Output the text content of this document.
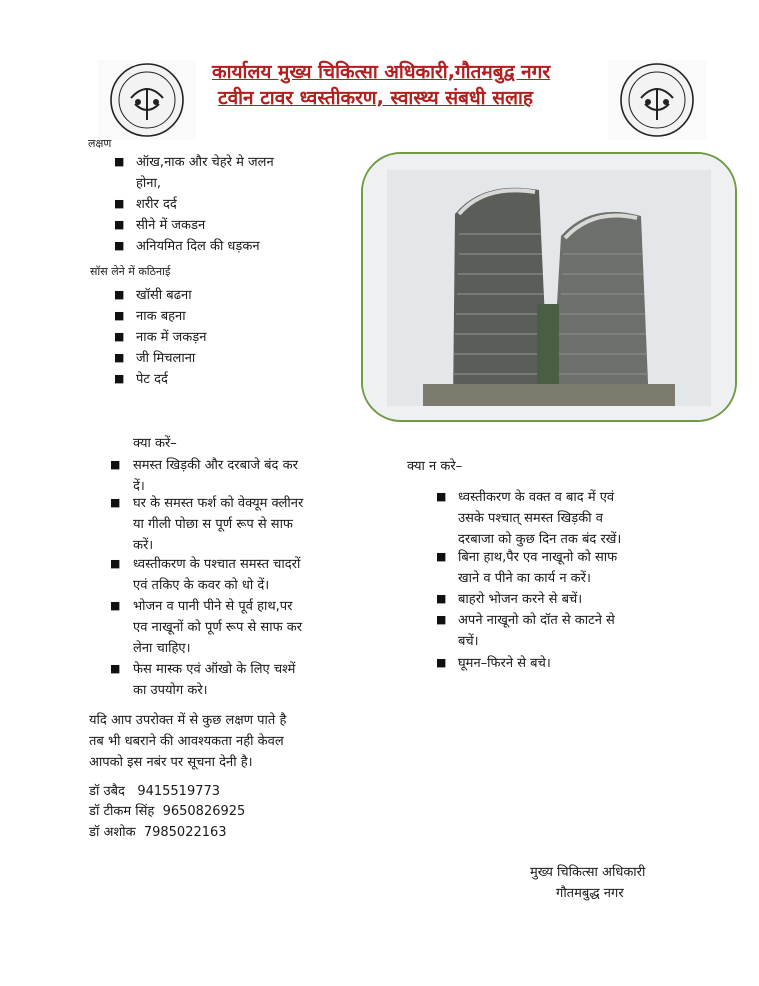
कार्यालय मुख्य चिकित्सा अधिकारी,गौतमबुद्व नगर
टवीन टावर ध्वस्तीकरण, स्वास्थ्य संबधी सलाह
लक्षण
■ ऑख,नाक और चेहरे मे जलन
होना,
■ शरीर दर्द
■ सीने में जकडन
■ अनियमित दिल की धड़कन
सॉस लेने में कठिनाई
■ खॉसी बढना
■ नाक बहना
■ नाक में जकड़न
■ जी मिचलाना
■ पेट दर्द
क्या करें–
■ समस्त खिड़की और दरबाजे बंद कर
दें।
■ घर के समस्त फर्श को वेक्यूम क्लीनर
या गीली पोछा स पूर्ण रूप से साफ
करें।
■ ध्वस्तीकरण के पश्चात समस्त चादरों
एवं तकिए के कवर को धो दें।
■ भोजन व पानी पीने से पूर्व हाथ,पर
एव नाखूनों को पूर्ण रूप से साफ कर
लेना चाहिए।
■ फेस मास्क एवं ऑखो के लिए चश्में
का उपयोग करे।
क्या न करे–
■ ध्वस्तीकरण के वक्त व बाद में एवं
उसके पश्चात् समस्त खिड़की व
दरबाजा को कुछ दिन तक बंद रखें।
■ बिना हाथ,पैर एव नाखूनो को साफ
खाने व पीने का कार्य न करें।
■ बाहरो भोजन करने से बचें।
■ अपने नाखूनो को दॉत से काटने से
बचें।
■ घूमन–फिरने से बचे।
यदि आप उपरोक्त में से कुछ लक्षण पाते है
तब भी धबराने की आवश्यकता नही केवल
आपको इस नबंर पर सूचना देनी है।
डॉ उबैद 9415519773
डॉ टीकम सिंह 9650826925
डॉ अशोक 7985022163
मुख्य चिकित्सा अधिकारी
गौतमबुद्ध नगर
